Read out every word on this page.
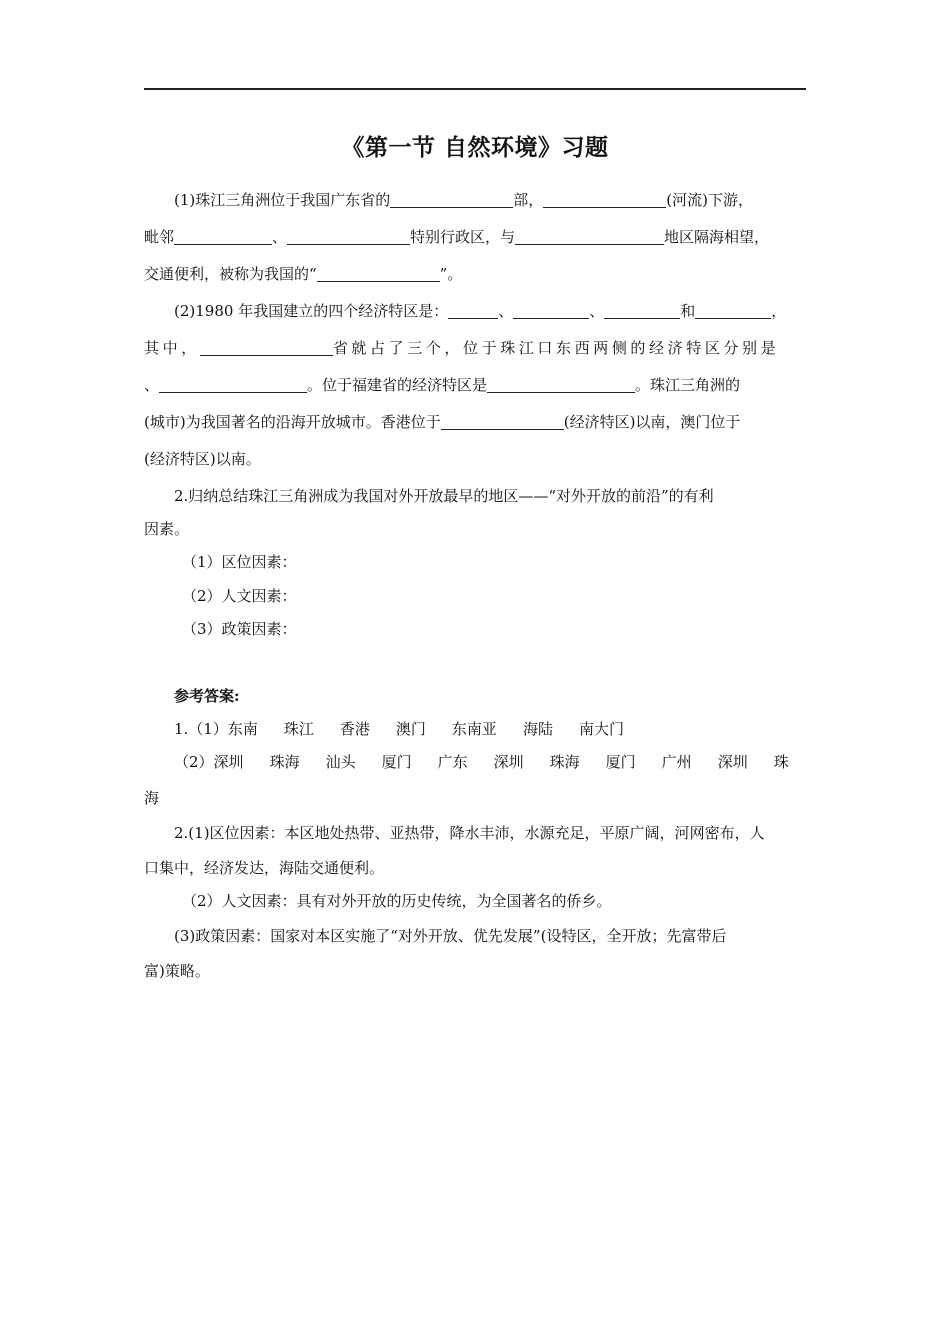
《第一节 自然环境》习题
(1)珠江三角洲位于我国广东省的	部，	(河流)下游，
毗邻	、	特别行政区，与	地区隔海相望，
交通便利，被称为我国的“	”。
(2)1980 年我国建立的四个经济特区是：	、	、	和	，
其中，	省就占了三个，位于珠江口东西两侧的经济特区分别是
、	。位于福建省的经济特区是	。珠江三角洲的
(城市)为我国著名的沿海开放城市。香港位于	(经济特区)以南，澳门位于
(经济特区)以南。
2.归纳总结珠江三角洲成为我国对外开放最早的地区——“对外开放的前沿”的有利
因素。
（1）区位因素：
（2）人文因素：
（3）政策因素：
参考答案:
1.（1）东南 珠江 香港 澳门 东南亚 海陆 南大门
（2）深圳 珠海 汕头 厦门 广东 深圳 珠海 厦门 广州 深圳 珠
海
2.(1)区位因素：本区地处热带、亚热带，降水丰沛，水源充足，平原广阔，河网密布，人
口集中，经济发达，海陆交通便利。
（2）人文因素：具有对外开放的历史传统，为全国著名的侨乡。
(3)政策因素：国家对本区实施了“对外开放、优先发展”(设特区，全开放；先富带后
富)策略。
